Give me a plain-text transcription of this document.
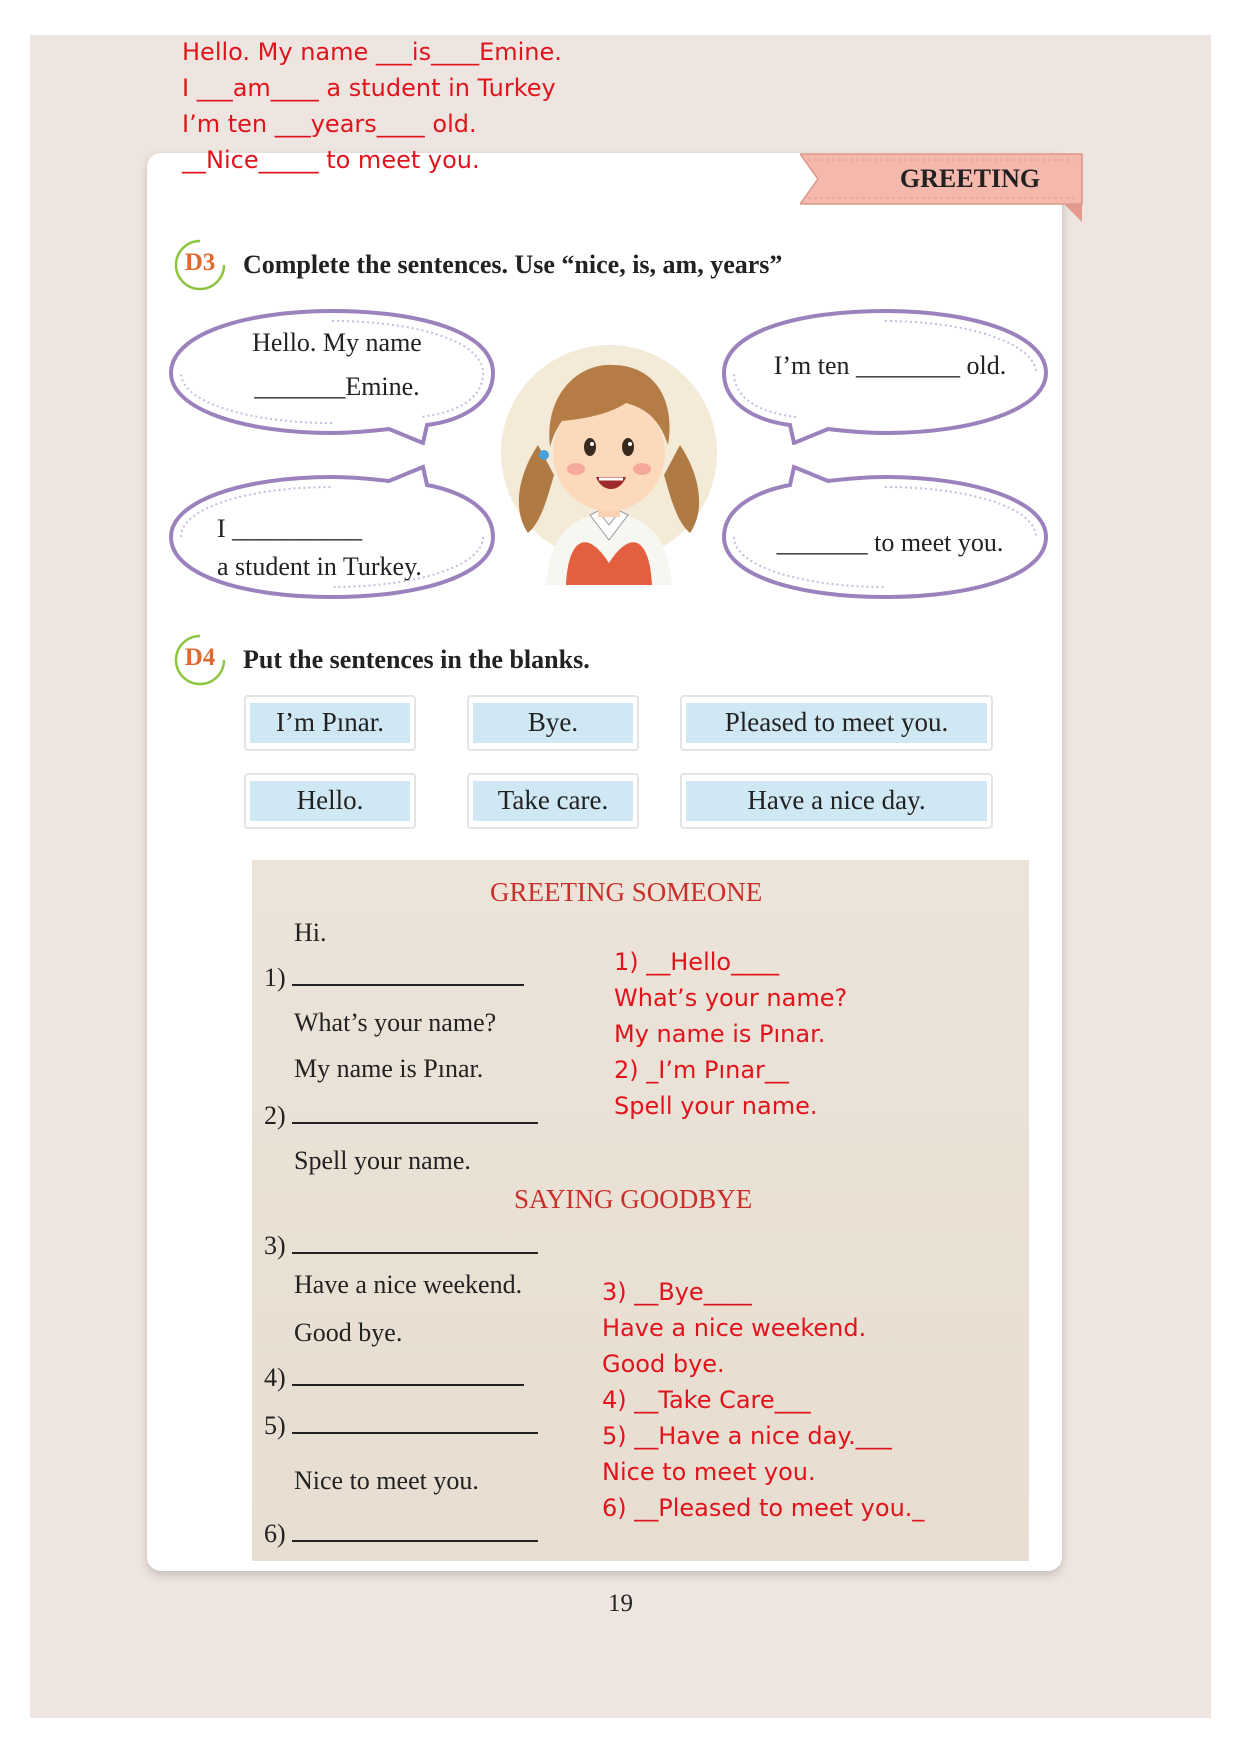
Hello. My name ___is____Emine.
I ___am____ a student in Turkey
I’m ten ___years____ old.
__Nice_____ to meet you.
GREETING
D3	Complete the sentences. Use “nice, is, am, years”
Hello. My name
_______Emine.
I’m ten ________ old.
I __________
a student in Turkey.
_______ to meet you.
D4	Put the sentences in the blanks.
I’m Pınar.	Bye.	Pleased to meet you.
Hello.	Take care.	Have a nice day.
GREETING SOMEONE
Hi.
1)
What’s your name?
My name is Pınar.
2)
Spell your name.
SAYING GOODBYE
3)
Have a nice weekend.
Good bye.
4)
5)
Nice to meet you.
6)
1) __Hello____
What’s your name?
My name is Pınar.
2) _I’m Pınar__
Spell your name.
3) __Bye____
Have a nice weekend.
Good bye.
4) __Take Care___
5) __Have a nice day.___
Nice to meet you.
6) __Pleased to meet you._
19
